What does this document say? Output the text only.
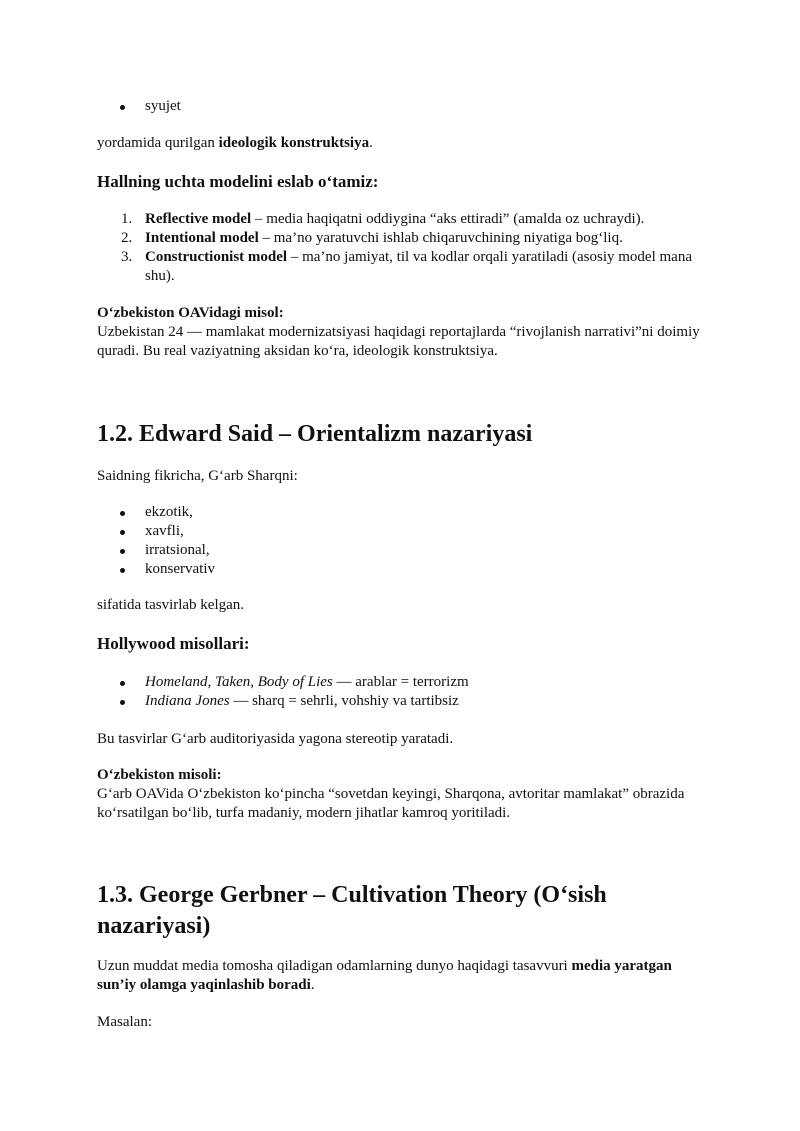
syujet

yordamida qurilgan ideologik konstruktsiya.

Hallning uchta modelini eslab o‘tamiz:
1. Reflective model – media haqiqatni oddiygina “aks ettiradi” (amalda oz uchraydi).
2. Intentional model – ma’no yaratuvchi ishlab chiqaruvchining niyatiga bog‘liq.
3. Constructionist model – ma’no jamiyat, til va kodlar orqali yaratiladi (asosiy model mana shu).

O‘zbekiston OAVidagi misol:

Uzbekistan 24 — mamlakat modernizatsiyasi haqidagi reportajlarda “rivojlanish narrativi”ni doimiy quradi. Bu real vaziyatning aksidan ko‘ra, ideologik konstruktsiya.

1.2. Edward Said – Orientalizm nazariyasi

Saidning fikricha, G‘arb Sharqni:

ekzotik,
xavfli,
irratsional,
konservativ

sifatida tasvirlab kelgan.

Hollywood misollari:
Homeland, Taken, Body of Lies — arablar = terrorizm
Indiana Jones — sharq = sehrli, vohshiy va tartibsiz

Bu tasvirlar G‘arb auditoriyasida yagona stereotip yaratadi.

O‘zbekiston misoli:

G‘arb OAVida O‘zbekiston ko‘pincha “sovetdan keyingi, Sharqona, avtoritar mamlakat” obrazida ko‘rsatilgan bo‘lib, turfa madaniy, modern jihatlar kamroq yoritiladi.

1.3. George Gerbner – Cultivation Theory (O‘sish nazariyasi)

Uzun muddat media tomosha qiladigan odamlarning dunyo haqidagi tasavvuri media yaratgan sun’iy olamga yaqinlashib boradi.

Masalan:
